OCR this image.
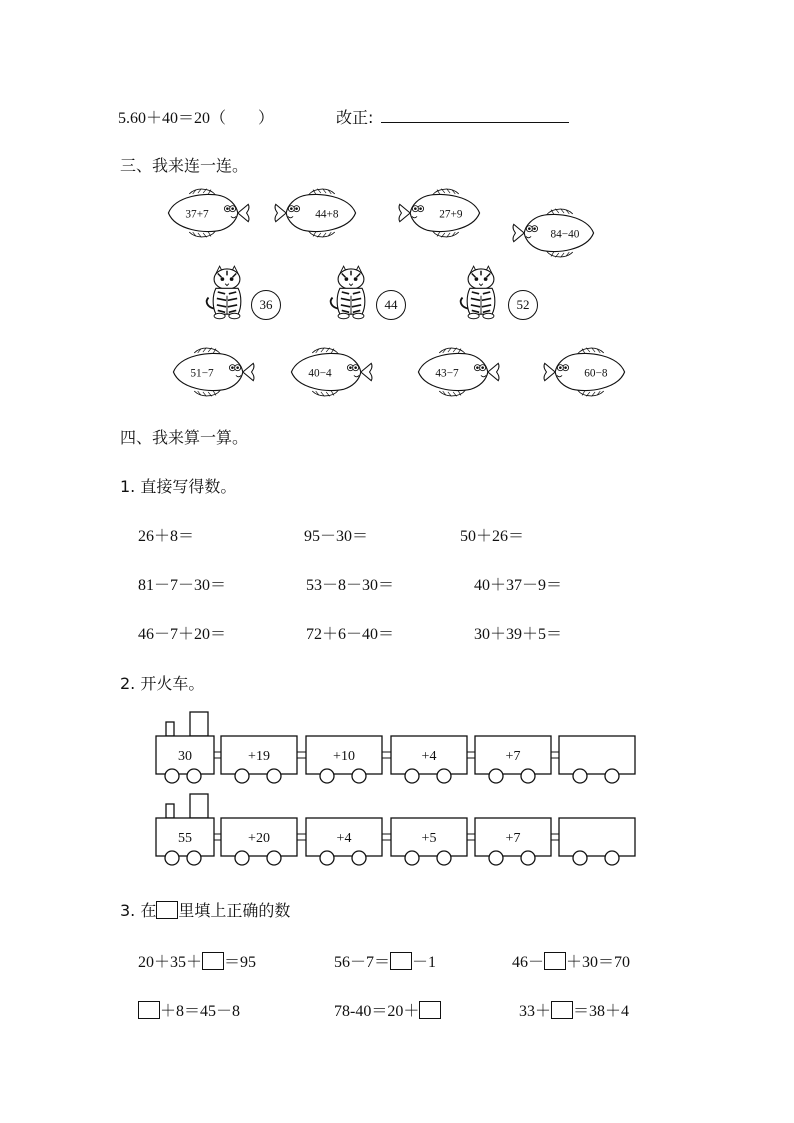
5.60＋40＝20（　　）	改正:
三、我来连一连。
37+7	44+8	27+9
84−40
36	44	52
51−7	40−4	43−7	60−8
四、我来算一算。
1. 直接写得数。
26＋8＝	95－30＝	50＋26＝
81－7－30＝	53－8－30＝	40＋37－9＝
46－7＋20＝	72＋6－40＝	30＋39＋5＝
2. 开火车。
30	+19	+10	+4	+7
55	+20	+4	+5	+7
3. 在 里填上正确的数
20＋35＋ ＝95	56－7＝ －1	46－ ＋30＝70
＋8＝45－8	78-40＝20＋	33＋ ＝38＋4
